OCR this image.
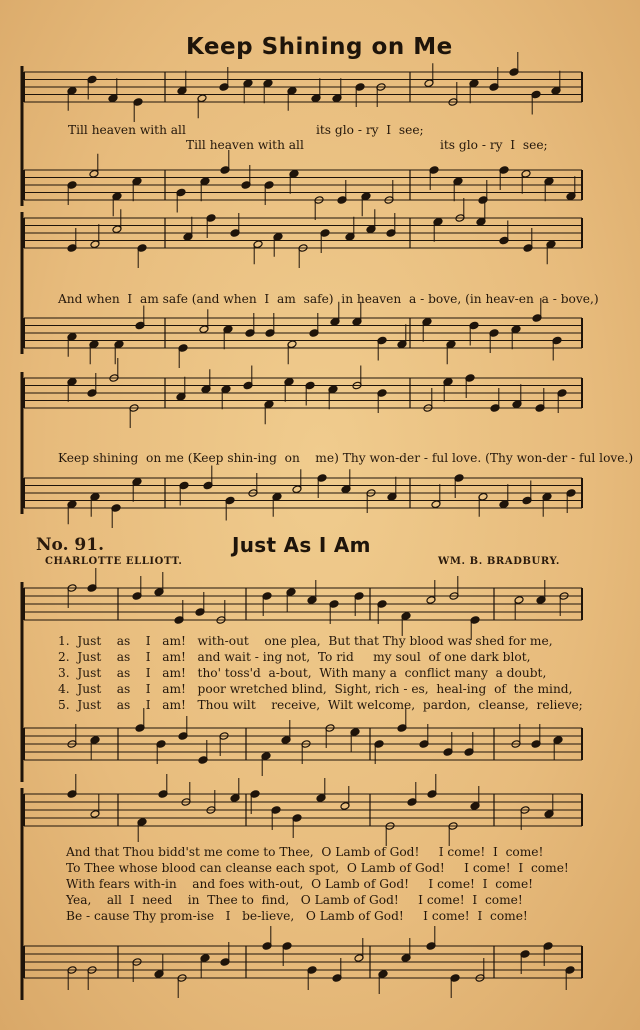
Keep Shining on Me
Till heaven with all	its glo - ry  I  see;
Till heaven with all	its glo - ry  I  see;
And when  I  am safe (and when  I  am  safe)  in heaven  a - bove, (in heav-en  a - bove,)
Keep shining  on me (Keep shin-ing  on    me) Thy won-der - ful love. (Thy won-der - ful love.)
No. 91.	Just As I Am
CHARLOTTE ELLIOTT.	WM. B. BRADBURY.
1.  Just    as    I   am!   with-out    one plea,  But that Thy blood was shed for me,
2.  Just    as    I   am!   and wait - ing not,  To rid     my soul  of one dark blot,
3.  Just    as    I   am!   tho' toss'd  a-bout,  With many a  conflict many  a doubt,
4.  Just    as    I   am!   poor wretched blind,  Sight, rich - es,  heal-ing  of  the mind,
5.  Just    as    I   am!   Thou wilt    receive,  Wilt welcome,  pardon,  cleanse,  relieve;
And that Thou bidd'st me come to Thee,  O Lamb of God!     I come!  I  come!
To Thee whose blood can cleanse each spot,  O Lamb of God!     I come!  I  come!
With fears with-in    and foes with-out,  O Lamb of God!     I come!  I  come!
Yea,    all  I  need    in  Thee to  find,   O Lamb of God!     I come!  I  come!
Be - cause Thy prom-ise   I   be-lieve,   O Lamb of God!     I come!  I  come!
